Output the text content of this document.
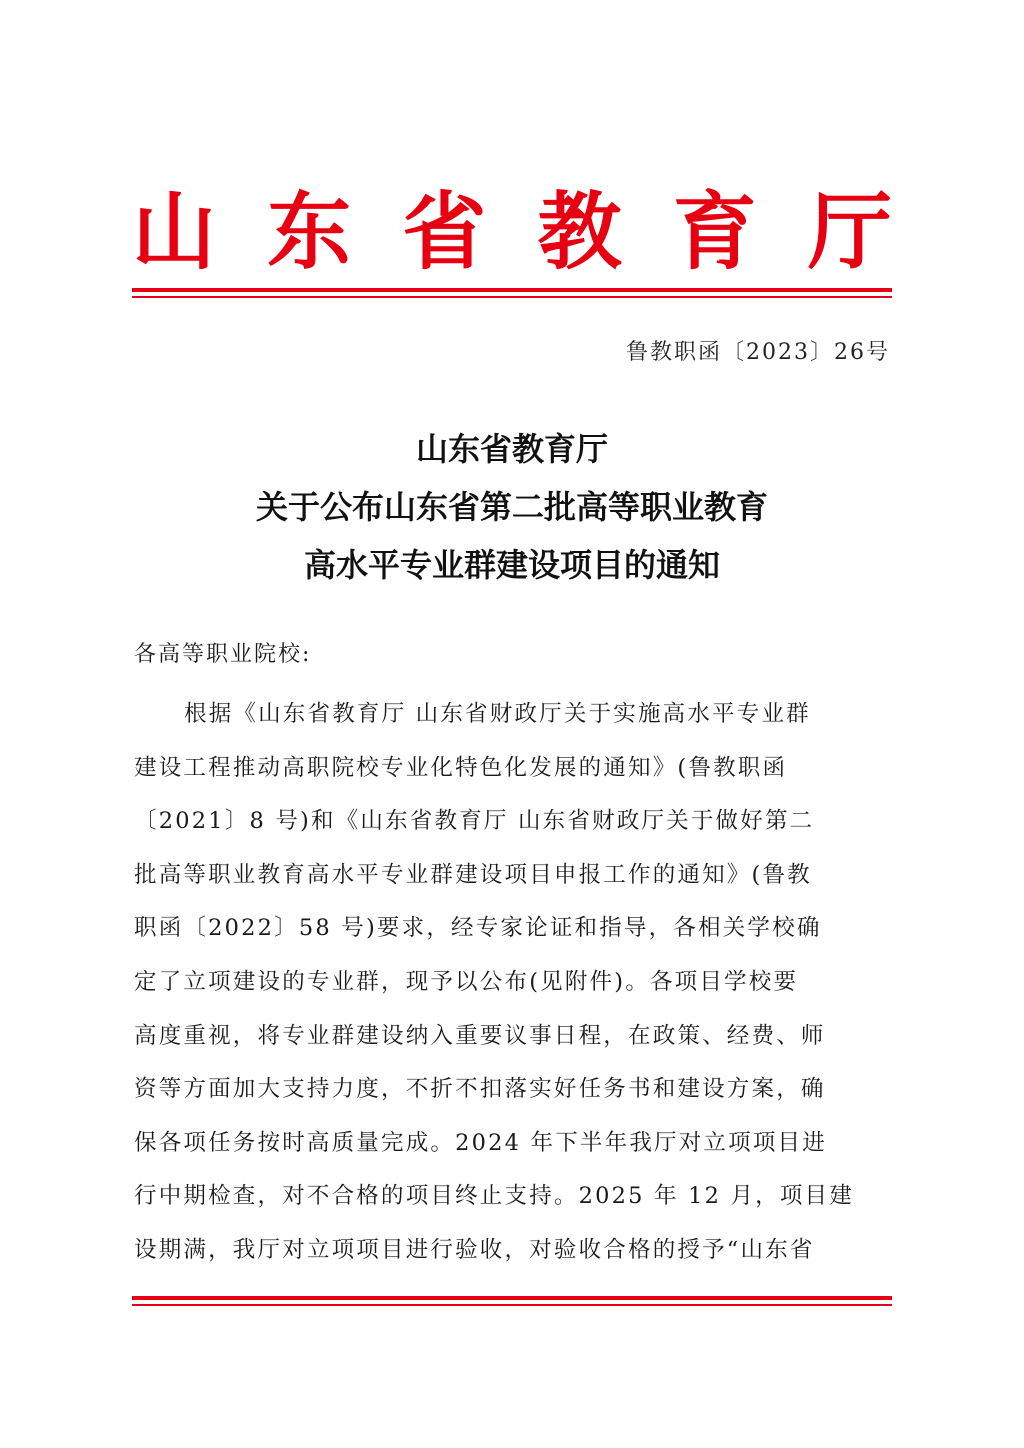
山 东 省 教 育 厅
鲁教职函〔2023〕26号
山东省教育厅
关于公布山东省第二批高等职业教育
高水平专业群建设项目的通知
各高等职业院校:
根据《山东省教育厅 山东省财政厅关于实施高水平专业群
建设工程推动高职院校专业化特色化发展的通知》(鲁教职函
〔2021〕8 号)和《山东省教育厅 山东省财政厅关于做好第二
批高等职业教育高水平专业群建设项目申报工作的通知》(鲁教
职函〔2022〕58 号)要求，经专家论证和指导，各相关学校确
定了立项建设的专业群，现予以公布(见附件)。各项目学校要
高度重视，将专业群建设纳入重要议事日程，在政策、经费、师
资等方面加大支持力度，不折不扣落实好任务书和建设方案，确
保各项任务按时高质量完成。2024 年下半年我厅对立项项目进
行中期检查，对不合格的项目终止支持。2025 年 12 月，项目建
设期满，我厅对立项项目进行验收，对验收合格的授予“山东省
